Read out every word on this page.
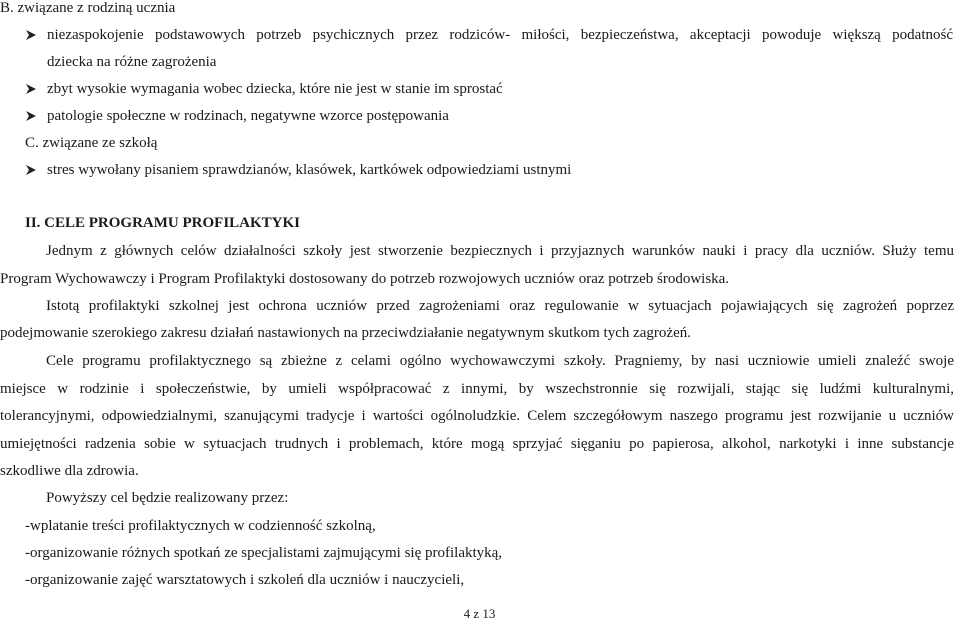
B. związane z rodziną ucznia
niezaspokojenie podstawowych potrzeb psychicznych przez rodziców- miłości, bezpieczeństwa, akceptacji powoduje większą podatność
dziecka na różne zagrożenia
zbyt wysokie wymagania wobec dziecka, które nie jest w stanie im sprostać
patologie społeczne w rodzinach, negatywne wzorce postępowania
C. związane ze szkołą
stres wywołany pisaniem sprawdzianów, klasówek, kartkówek odpowiedziami ustnymi
II. CELE PROGRAMU PROFILAKTYKI
Jednym z głównych celów działalności szkoły jest stworzenie bezpiecznych i przyjaznych warunków nauki i pracy dla uczniów. Służy temu
Program Wychowawczy i Program Profilaktyki dostosowany do potrzeb rozwojowych uczniów oraz potrzeb środowiska.
Istotą profilaktyki szkolnej jest ochrona uczniów przed zagrożeniami oraz regulowanie w sytuacjach pojawiających się zagrożeń poprzez
podejmowanie szerokiego zakresu działań nastawionych na przeciwdziałanie negatywnym skutkom tych zagrożeń.
Cele programu profilaktycznego są zbieżne z celami ogólno wychowawczymi szkoły. Pragniemy, by nasi uczniowie umieli znaleźć swoje
miejsce w rodzinie i społeczeństwie, by umieli współpracować z innymi, by wszechstronnie się rozwijali, stając się ludźmi kulturalnymi,
tolerancyjnymi, odpowiedzialnymi, szanującymi tradycje i wartości ogólnoludzkie. Celem szczegółowym naszego programu jest rozwijanie u uczniów
umiejętności radzenia sobie w sytuacjach trudnych i problemach, które mogą sprzyjać sięganiu po papierosa, alkohol, narkotyki i inne substancje
szkodliwe dla zdrowia.
Powyższy cel będzie realizowany przez:
-wplatanie treści profilaktycznych w codzienność szkolną,
-organizowanie różnych spotkań ze specjalistami zajmującymi się profilaktyką,
-organizowanie zajęć warsztatowych i szkoleń dla uczniów i nauczycieli,
4 z 13
